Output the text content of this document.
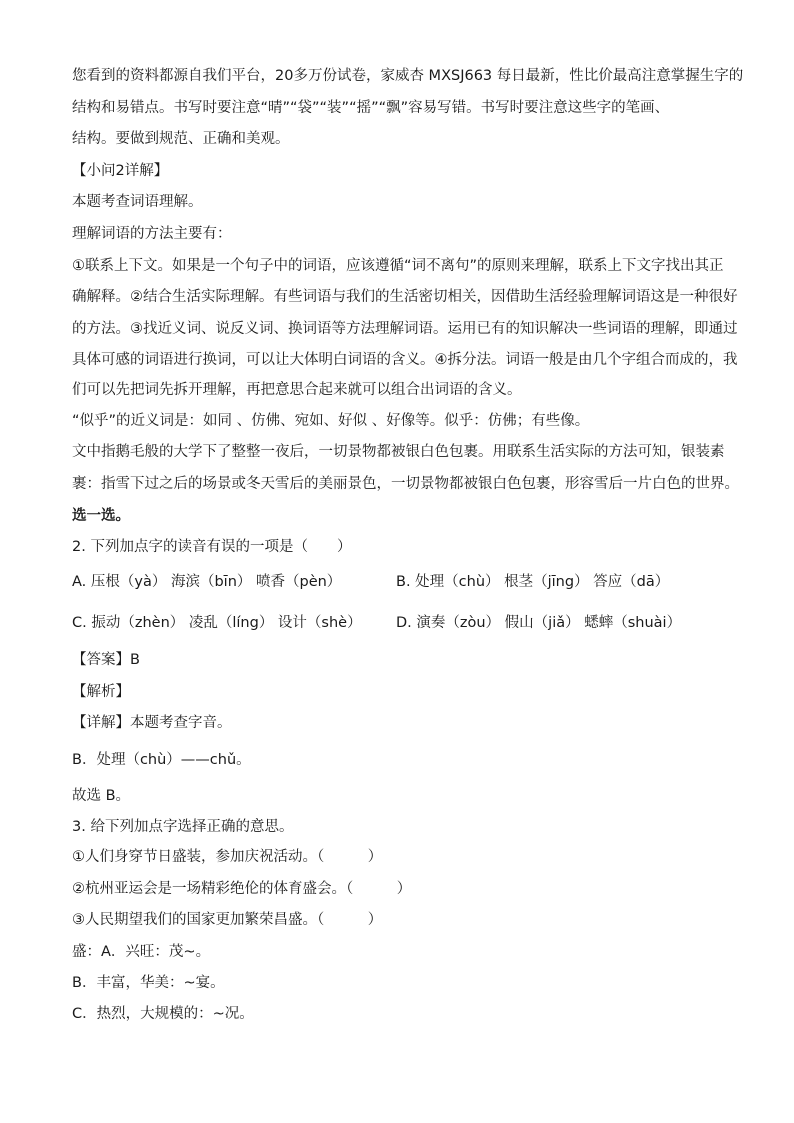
您看到的资料都源自我们平台，20多万份试卷，家威杏 MXSJ663 每日最新，性比价最高注意掌握生字的

结构和易错点。书写时要注意“晴”“袋”“装”“摇”“飘”容易写错。书写时要注意这些字的笔画、

结构。要做到规范、正确和美观。

【小问2详解】

本题考查词语理解。

理解词语的方法主要有：

①联系上下文。如果是一个句子中的词语，应该遵循“词不离句”的原则来理解，联系上下文字找出其正

确解释。②结合生活实际理解。有些词语与我们的生活密切相关，因借助生活经验理解词语这是一种很好

的方法。③找近义词、说反义词、换词语等方法理解词语。运用已有的知识解决一些词语的理解，即通过

具体可感的词语进行换词，可以让大体明白词语的含义。④拆分法。词语一般是由几个字组合而成的，我

们可以先把词先拆开理解，再把意思合起来就可以组合出词语的含义。

“似乎”的近义词是：如同 、仿佛、宛如、好似 、好像等。似乎：仿佛；有些像。

文中指鹅毛般的大学下了整整一夜后，一切景物都被银白色包裹。用联系生活实际的方法可知，银装素

裹：指雪下过之后的场景或冬天雪后的美丽景色，一切景物都被银白色包裹，形容雪后一片白色的世界。

选一选。

2. 下列加点字的读音有误的一项是（　　）

A. 压根（yà） 海滨（bīn） 喷香（pèn）	B. 处理（chù） 根茎（jīng） 答应（dā）
C. 振动（zhèn） 凌乱（líng） 设计（shè） D. 演奏（zòu） 假山（jiǎ） 蟋蟀（shuài）

【答案】B

【解析】

【详解】本题考查字音。

B．处理（chù）——chǔ。

故选 B。

3. 给下列加点字选择正确的意思。

①人们身穿节日盛装，参加庆祝活动。（　　　）

②杭州亚运会是一场精彩绝伦的体育盛会。（　　　）

③人民期望我们的国家更加繁荣昌盛。（　　　）

盛：A．兴旺：茂~。

B．丰富，华美：~宴。

C．热烈，大规模的：~况。
